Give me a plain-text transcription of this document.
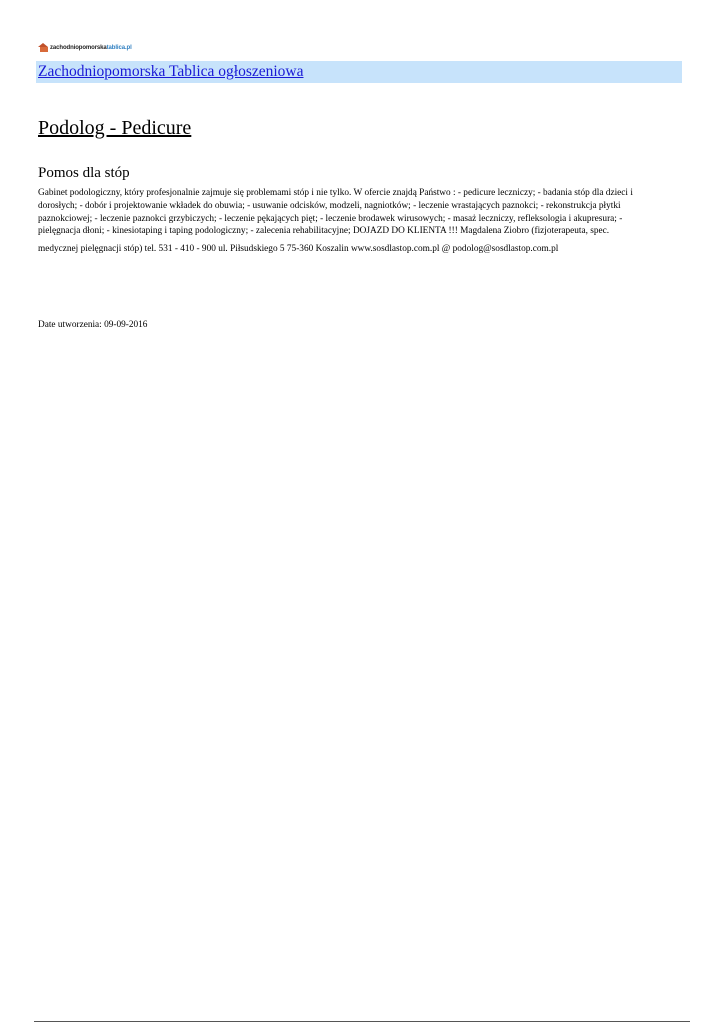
zachodniopomorskatablica.pl
Zachodniopomorska Tablica ogłoszeniowa
Podolog - Pedicure
Pomos dla stóp
Gabinet podologiczny, który profesjonalnie zajmuje się problemami stóp i nie tylko. W ofercie znajdą Państwo : - pedicure leczniczy; - badania stóp dla dzieci i
dorosłych; - dobór i projektowanie wkładek do obuwia; - usuwanie odcisków, modzeli, nagniotków; - leczenie wrastających paznokci; - rekonstrukcja płytki
paznokciowej; - leczenie paznokci grzybiczych; - leczenie pękających pięt; - leczenie brodawek wirusowych; - masaż leczniczy, refleksologia i akupresura; -
pielęgnacja dłoni; - kinesiotaping i taping podologiczny; - zalecenia rehabilitacyjne; DOJAZD DO KLIENTA !!! Magdalena Ziobro (fizjoterapeuta, spec.
medycznej pielęgnacji stóp) tel. 531 - 410 - 900 ul. Piłsudskiego 5 75-360 Koszalin www.sosdlastop.com.pl @ podolog@sosdlastop.com.pl
Date utworzenia: 09-09-2016
